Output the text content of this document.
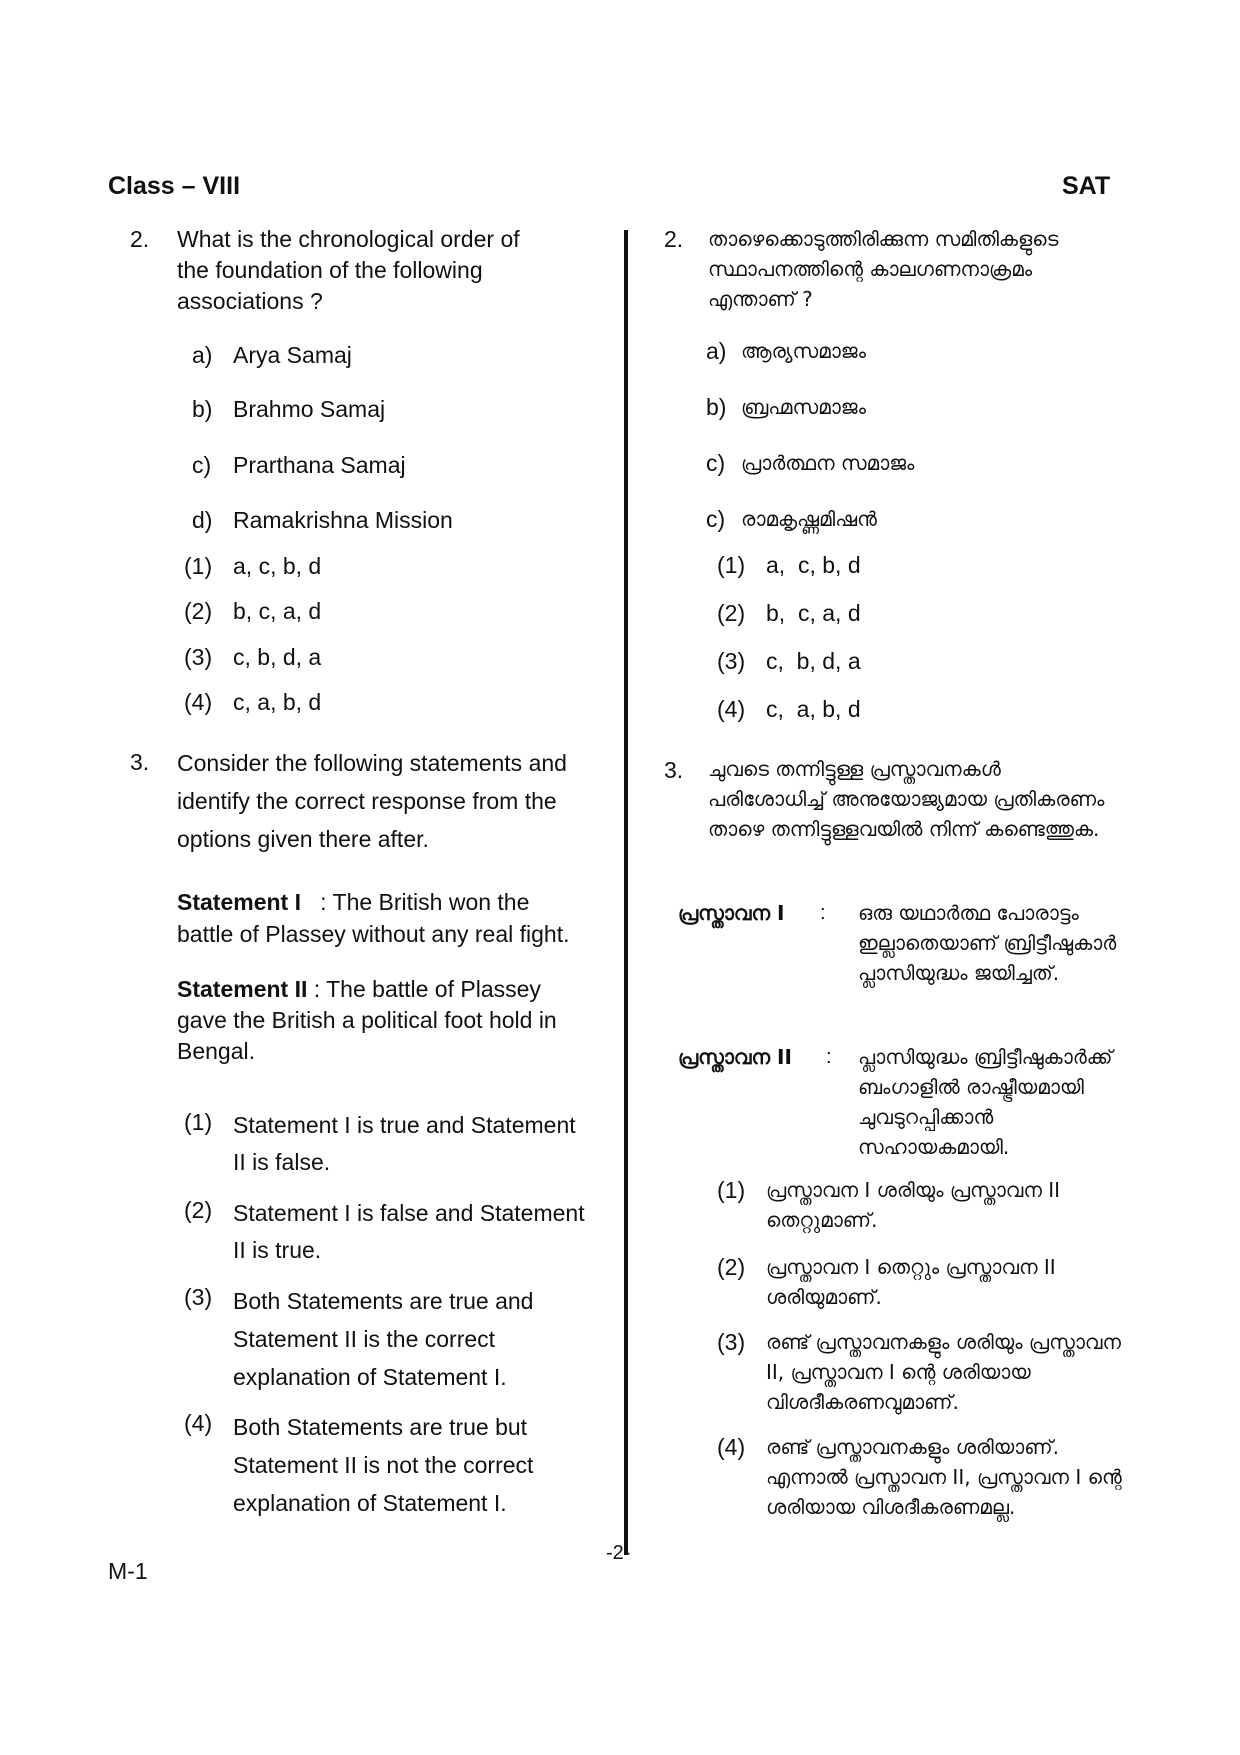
Class – VIII	SAT
2. What is the chronological order of the foundation of the following associations ?
a) Arya Samaj
b) Brahmo Samaj
c) Prarthana Samaj
d) Ramakrishna Mission
(1) a, c, b, d
(2) b, c, a, d
(3) c, b, d, a
(4) c, a, b, d
3. Consider the following statements and identify the correct response from the options given there after.
Statement I : The British won the battle of Plassey without any real fight.
Statement II : The battle of Plassey gave the British a political foot hold in Bengal.
(1) Statement I is true and Statement II is false.
(2) Statement I is false and Statement II is true.
(3) Both Statements are true and Statement II is the correct explanation of Statement I.
(4) Both Statements are true but Statement II is not the correct explanation of Statement I.
2. താഴെക്കൊടുത്തിരിക്കുന്ന സമിതികളുടെ സ്ഥാപനത്തിന്റെ കാലഗണനാക്രമം എന്താണ് ?
a) ആര്യസമാജം
b) ബ്രഹ്മസമാജം
c) പ്രാർത്ഥന സമാജം
c) രാമകൃഷ്ണമിഷൻ
(1) a,  c, b, d
(2) b,  c, a, d
(3) c,  b, d, a
(4) c,  a, b, d
3. ചുവടെ തന്നിട്ടുള്ള പ്രസ്താവനകൾ പരിശോധിച്ച് അനുയോജ്യമായ പ്രതികരണം താഴെ തന്നിട്ടുള്ളവയിൽ നിന്ന് കണ്ടെത്തുക.
പ്രസ്താവന I : ഒരു യഥാർത്ഥ പോരാട്ടം ഇല്ലാതെയാണ് ബ്രിട്ടീഷുകാർ പ്ലാസിയുദ്ധം ജയിച്ചത്.
പ്രസ്താവന II : പ്ലാസിയുദ്ധം ബ്രിട്ടീഷുകാർക്ക് ബംഗാളിൽ രാഷ്ട്രീയമായി ചുവടുറപ്പിക്കാൻ സഹായകമായി.
(1) പ്രസ്താവന I ശരിയും പ്രസ്താവന II തെറ്റുമാണ്.
(2) പ്രസ്താവന I തെറ്റും പ്രസ്താവന II ശരിയുമാണ്.
(3) രണ്ട് പ്രസ്താവനകളും ശരിയും പ്രസ്താവന II, പ്രസ്താവന I ന്റെ ശരിയായ വിശദീകരണവുമാണ്.
(4) രണ്ട് പ്രസ്താവനകളും ശരിയാണ്. എന്നാൽ പ്രസ്താവന II, പ്രസ്താവന I ന്റെ ശരിയായ വിശദീകരണമല്ല.
M-1
-2-
